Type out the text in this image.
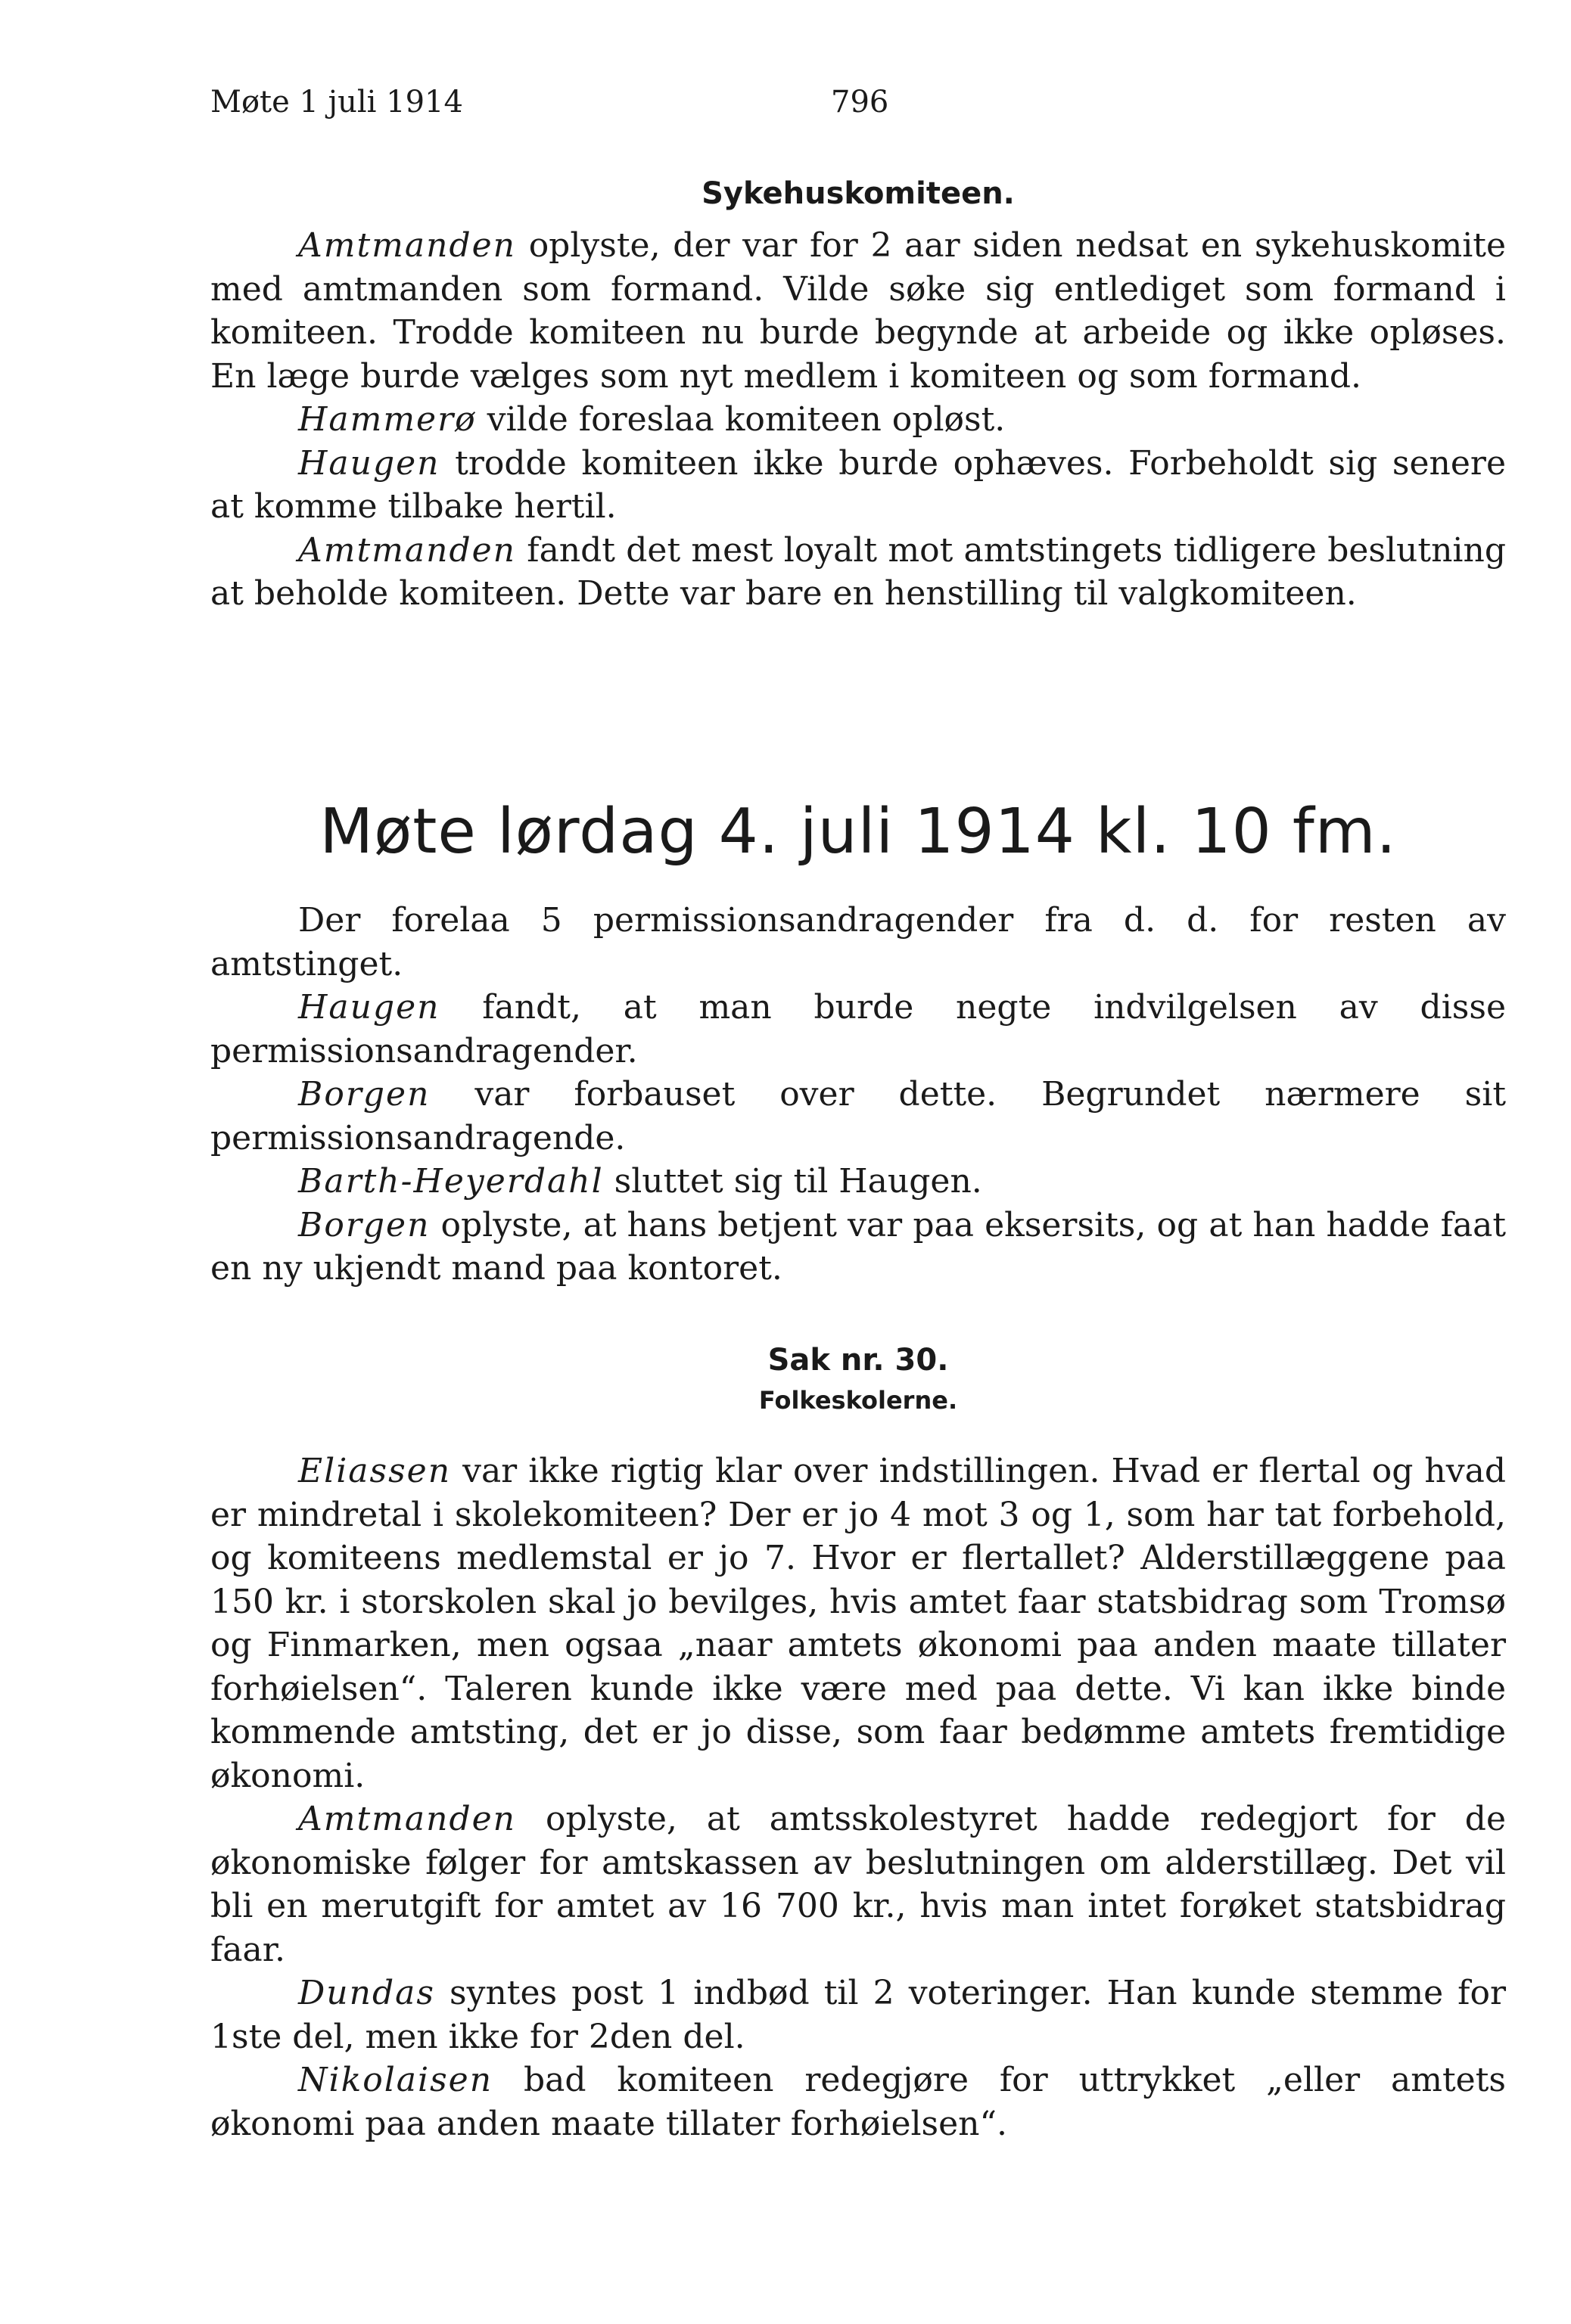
Møte 1 juli 1914	796
Sykehuskomiteen.

Amtmanden oplyste, der var for 2 aar siden nedsat en sykehuskomite med amtmanden som formand. Vilde søke sig entlediget som formand i komiteen. Trodde komiteen nu burde begynde at arbeide og ikke opløses. En læge burde vælges som nyt medlem i komiteen og som formand.

Hammerø vilde foreslaa komiteen opløst.

Haugen trodde komiteen ikke burde ophæves. Forbeholdt sig senere at komme tilbake hertil.

Amtmanden fandt det mest loyalt mot amtstingets tidligere beslutning at beholde komiteen. Dette var bare en henstilling til valgkomiteen.

Møte lørdag 4. juli 1914 kl. 10 fm.

Der forelaa 5 permissionsandragender fra d. d. for resten av amtstinget.

Haugen fandt, at man burde negte indvilgelsen av disse permissionsandragender.

Borgen var forbauset over dette. Begrundet nærmere sit permissionsandragende.

Barth-Heyerdahl sluttet sig til Haugen.

Borgen oplyste, at hans betjent var paa eksersits, og at han hadde faat en ny ukjendt mand paa kontoret.

Sak nr. 30.
Folkeskolerne.

Eliassen var ikke rigtig klar over indstillingen. Hvad er flertal og hvad er mindretal i skolekomiteen? Der er jo 4 mot 3 og 1, som har tat forbehold, og komiteens medlemstal er jo 7. Hvor er flertallet? Alderstillæggene paa 150 kr. i storskolen skal jo bevilges, hvis amtet faar statsbidrag som Tromsø og Finmarken, men ogsaa „naar amtets økonomi paa anden maate tillater forhøielsen“. Taleren kunde ikke være med paa dette. Vi kan ikke binde kommende amtsting, det er jo disse, som faar bedømme amtets fremtidige økonomi.

Amtmanden oplyste, at amtsskolestyret hadde redegjort for de økonomiske følger for amtskassen av beslutningen om alderstillæg. Det vil bli en merutgift for amtet av 16 700 kr., hvis man intet forøket statsbidrag faar.

Dundas syntes post 1 indbød til 2 voteringer. Han kunde stemme for 1ste del, men ikke for 2den del.

Nikolaisen bad komiteen redegjøre for uttrykket „eller amtets økonomi paa anden maate tillater forhøielsen“.
